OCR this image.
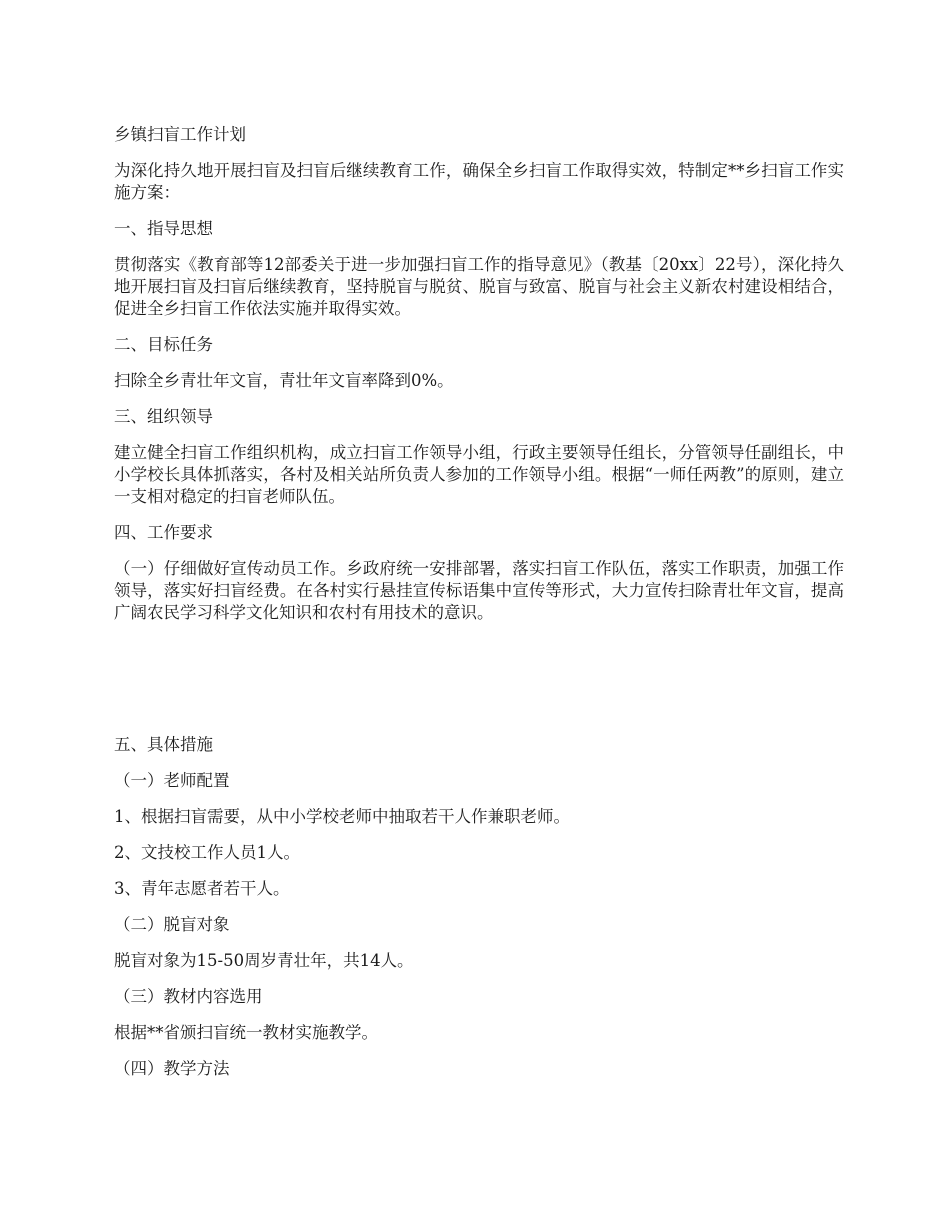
乡镇扫盲工作计划

为深化持久地开展扫盲及扫盲后继续教育工作，确保全乡扫盲工作取得实效，特制定**乡扫盲工作实施方案：

一、指导思想

贯彻落实《教育部等12部委关于进一步加强扫盲工作的指导意见》（教基〔20xx〕22号），深化持久地开展扫盲及扫盲后继续教育，坚持脱盲与脱贫、脱盲与致富、脱盲与社会主义新农村建设相结合，促进全乡扫盲工作依法实施并取得实效。

二、目标任务

扫除全乡青壮年文盲，青壮年文盲率降到0%。

三、组织领导

建立健全扫盲工作组织机构，成立扫盲工作领导小组，行政主要领导任组长，分管领导任副组长，中小学校长具体抓落实，各村及相关站所负责人参加的工作领导小组。根据“一师任两教”的原则，建立一支相对稳定的扫盲老师队伍。

四、工作要求

（一）仔细做好宣传动员工作。乡政府统一安排部署，落实扫盲工作队伍，落实工作职责，加强工作领导，落实好扫盲经费。在各村实行悬挂宣传标语集中宣传等形式，大力宣传扫除青壮年文盲，提高广阔农民学习科学文化知识和农村有用技术的意识。

五、具体措施

（一）老师配置

1、根据扫盲需要，从中小学校老师中抽取若干人作兼职老师。

2、文技校工作人员1人。

3、青年志愿者若干人。

（二）脱盲对象

脱盲对象为15-50周岁青壮年，共14人。

（三）教材内容选用

根据**省颁扫盲统一教材实施教学。

（四）教学方法
